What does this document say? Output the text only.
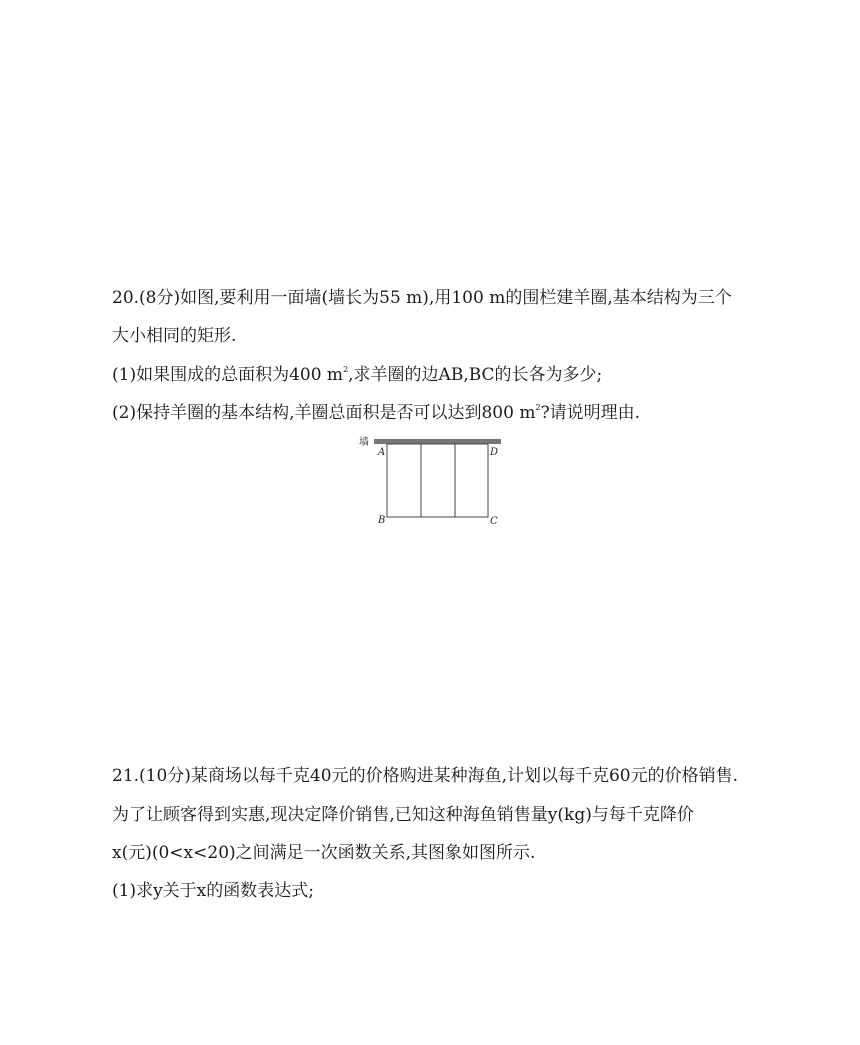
20.(8分)如图,要利用一面墙(墙长为55 m),用100 m的围栏建羊圈,基本结构为三个
大小相同的矩形.
(1)如果围成的总面积为400 $m^2$,求羊圈的边AB,BC的长各为多少;
(2)保持羊圈的基本结构,羊圈总面积是否可以达到800 $m^2$?请说明理由.
墙
A
B	C
D
21.(10分)某商场以每千克40元的价格购进某种海鱼,计划以每千克60元的价格销售.
为了让顾客得到实惠,现决定降价销售,已知这种海鱼销售量y(kg)与每千克降价
x(元)(0<x<20)之间满足一次函数关系,其图象如图所示.
(1)求y关于x的函数表达式;
